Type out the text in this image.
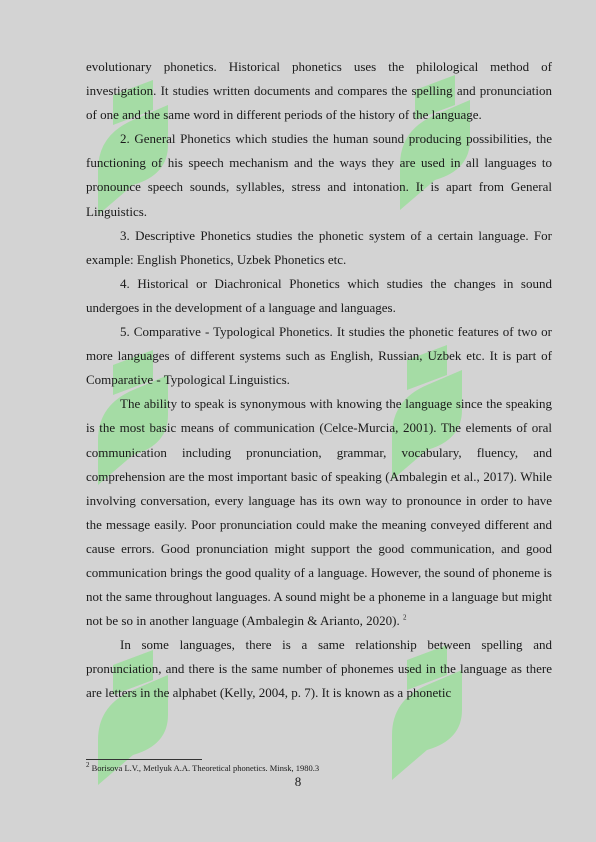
evolutionary phonetics. Historical phonetics uses the philological method of investigation. It studies written documents and compares the spelling and pronunciation of one and the same word in different periods of the history of the language.

2. General Phonetics which studies the human sound producing possibilities, the functioning of his speech mechanism and the ways they are used in all languages to pronounce speech sounds, syllables, stress and intonation. It is apart from General Linguistics.

3. Descriptive Phonetics studies the phonetic system of a certain language. For example: English Phonetics, Uzbek Phonetics etc.

4. Historical or Diachronical Phonetics which studies the changes in sound undergoes in the development of a language and languages.

5. Comparative - Typological Phonetics. It studies the phonetic features of two or more languages of different systems such as English, Russian, Uzbek etc. It is part of Comparative - Typological Linguistics.

The ability to speak is synonymous with knowing the language since the speaking is the most basic means of communication (Celce-Murcia, 2001). The elements of oral communication including pronunciation, grammar, vocabulary, fluency, and comprehension are the most important basic of speaking (Ambalegin et al., 2017). While involving conversation, every language has its own way to pronounce in order to have the message easily. Poor pronunciation could make the meaning conveyed different and cause errors. Good pronunciation might support the good communication, and good communication brings the good quality of a language. However, the sound of phoneme is not the same throughout languages. A sound might be a phoneme in a language but might not be so in another language (Ambalegin & Arianto, 2020). $^2$

In some languages, there is a same relationship between spelling and pronunciation, and there is the same number of phonemes used in the language as there are letters in the alphabet (Kelly, 2004, p. 7). It is known as a phonetic

$^2$ Borisova L.V., Metlyuk A.A. Theoretical phonetics. Minsk, 1980.3
8
